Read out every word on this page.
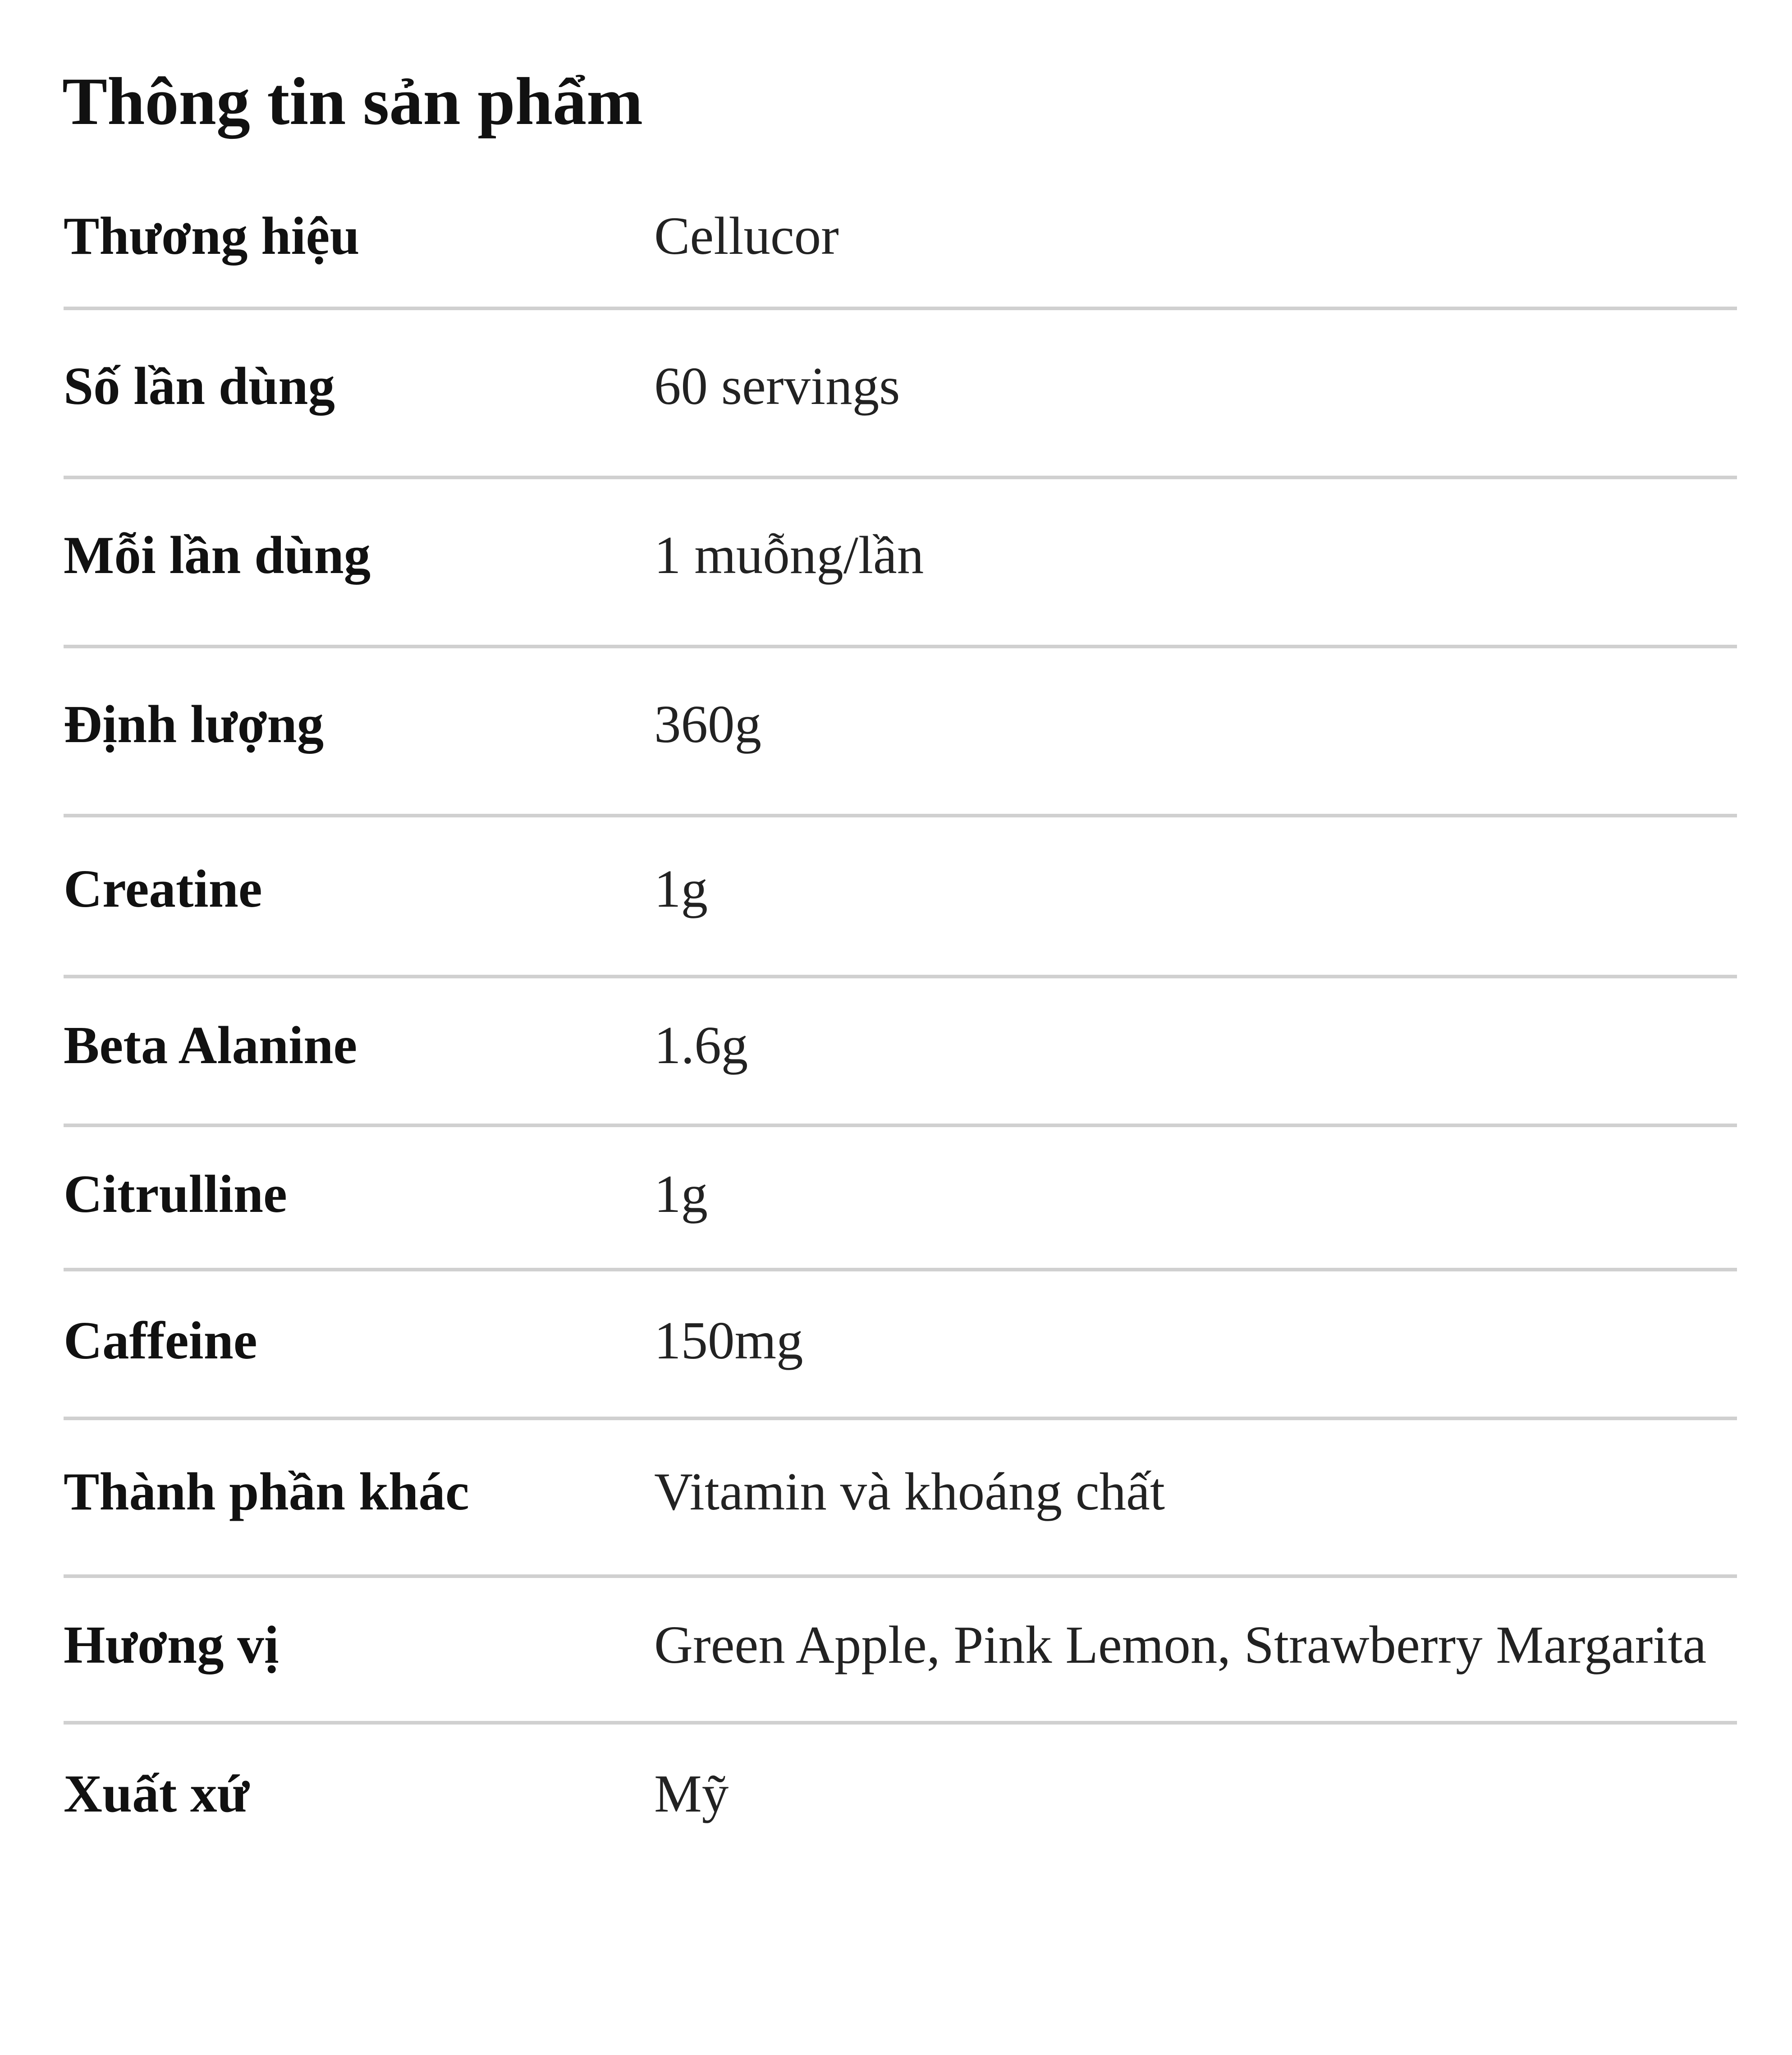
Thông tin sản phẩm
Thương hiệu	Cellucor
Số lần dùng	60 servings
Mỗi lần dùng	1 muỗng/lần
Định lượng	360g
Creatine	1g
Beta Alanine	1.6g
Citrulline	1g
Caffeine	150mg
Thành phần khác	Vitamin và khoáng chất
Hương vị	Green Apple, Pink Lemon, Strawberry Margarita
Xuất xứ	Mỹ
